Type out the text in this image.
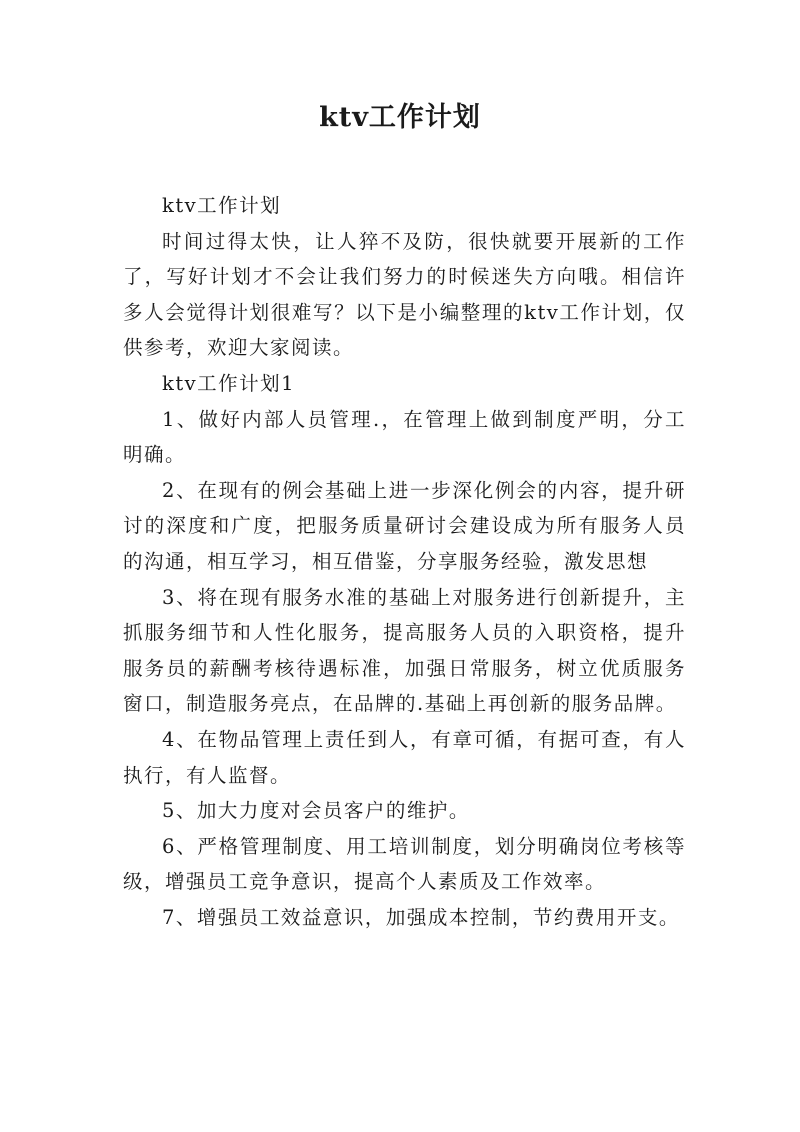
ktv工作计划

ktv工作计划

时间过得太快，让人猝不及防，很快就要开展新的工作了，写好计划才不会让我们努力的时候迷失方向哦。相信许多人会觉得计划很难写？以下是小编整理的ktv工作计划，仅供参考，欢迎大家阅读。

ktv工作计划1

1、做好内部人员管理.，在管理上做到制度严明，分工明确。

2、在现有的例会基础上进一步深化例会的内容，提升研讨的深度和广度，把服务质量研讨会建设成为所有服务人员的沟通，相互学习，相互借鉴，分享服务经验，激发思想

3、将在现有服务水准的基础上对服务进行创新提升，主抓服务细节和人性化服务，提高服务人员的入职资格，提升服务员的薪酬考核待遇标准，加强日常服务，树立优质服务窗口，制造服务亮点，在品牌的.基础上再创新的服务品牌。

4、在物品管理上责任到人，有章可循，有据可查，有人执行，有人监督。

5、加大力度对会员客户的维护。

6、严格管理制度、用工培训制度，划分明确岗位考核等级，增强员工竞争意识，提高个人素质及工作效率。

7、增强员工效益意识，加强成本控制，节约费用开支。
